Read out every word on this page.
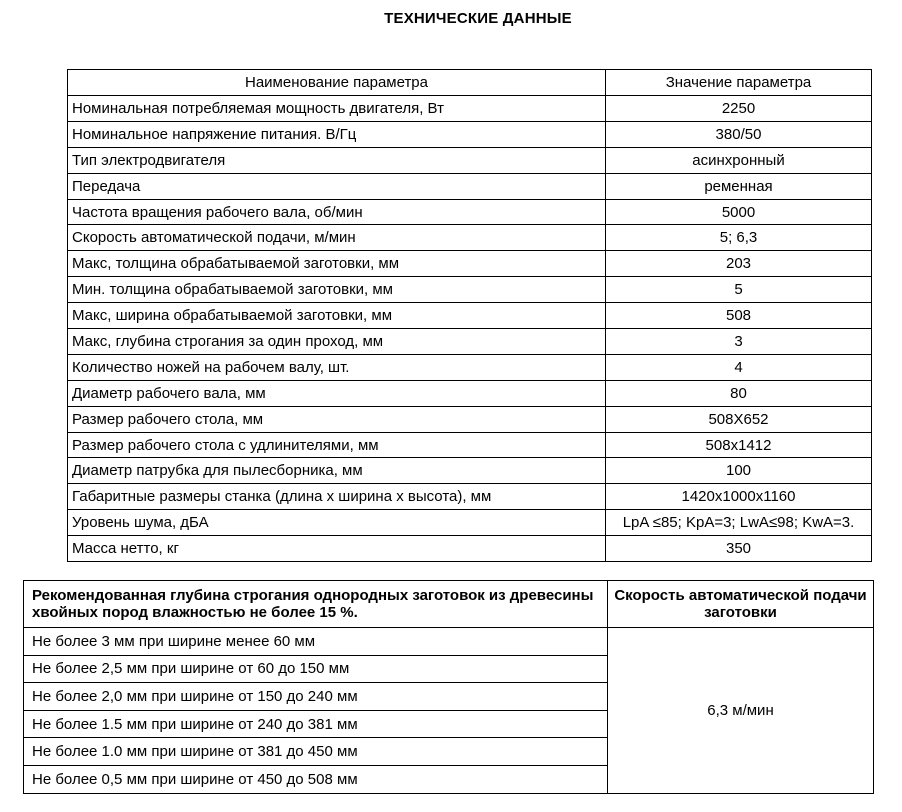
ТЕХНИЧЕСКИЕ ДАННЫЕ
Наименование параметра	Значение параметра
Номинальная потребляемая мощность двигателя, Вт	2250
Номинальное напряжение питания. В/Гц	380/50
Тип электродвигателя	асинхронный
Передача	ременная
Частота вращения рабочего вала, об/мин	5000
Скорость автоматической подачи, м/мин	5; 6,3
Макс, толщина обрабатываемой заготовки, мм	203
Мин. толщина обрабатываемой заготовки, мм	5
Макс, ширина обрабатываемой заготовки, мм	508
Макс, глубина строгания за один проход, мм	3
Количество ножей на рабочем валу, шт.	4
Диаметр рабочего вала, мм	80
Размер рабочего стола, мм	508Х652
Размер рабочего стола с удлинителями, мм	508x1412
Диаметр патрубка для пылесборника, мм	100
Габаритные размеры станка (длина х ширина х высота), мм	1420x1000x1160
Уровень шума, дБА	LpA ≤85; KpA=3; LwA≤98; KwA=3.
Масса нетто, кг	350
Рекомендованная глубина строгания однородных заготовок из древесины хвойных пород влажностью не более 15 %.	Скорость автоматической подачи заготовки
Не более 3 мм при ширине менее 60 мм	6,3 м/мин
Не более 2,5 мм при ширине от 60 до 150 мм	
Не более 2,0 мм при ширине от 150 до 240 мм	
Не более 1.5 мм при ширине от 240 до 381 мм	
Не более 1.0 мм при ширине от 381 до 450 мм	
Не более 0,5 мм при ширине от 450 до 508 мм	
